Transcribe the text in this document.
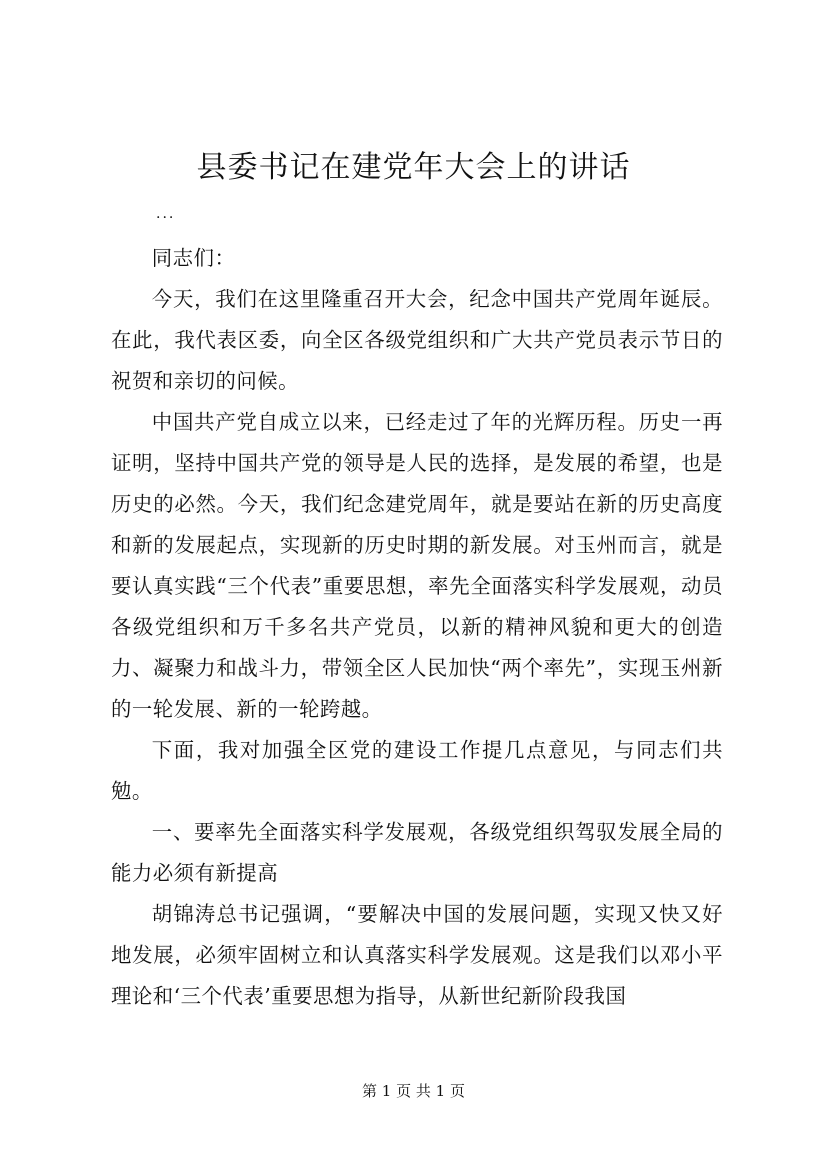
县委书记在建党年大会上的讲话
...

同志们：

今天，我们在这里隆重召开大会，纪念中国共产党周年诞辰。在此，我代表区委，向全区各级党组织和广大共产党员表示节日的祝贺和亲切的问候。

中国共产党自成立以来，已经走过了年的光辉历程。历史一再证明，坚持中国共产党的领导是人民的选择，是发展的希望，也是历史的必然。今天，我们纪念建党周年，就是要站在新的历史高度和新的发展起点，实现新的历史时期的新发展。对玉州而言，就是要认真实践“三个代表”重要思想，率先全面落实科学发展观，动员各级党组织和万千多名共产党员，以新的精神风貌和更大的创造力、凝聚力和战斗力，带领全区人民加快“两个率先”，实现玉州新的一轮发展、新的一轮跨越。

下面，我对加强全区党的建设工作提几点意见，与同志们共勉。

一、要率先全面落实科学发展观，各级党组织驾驭发展全局的能力必须有新提高

胡锦涛总书记强调，“要解决中国的发展问题，实现又快又好地发展，必须牢固树立和认真落实科学发展观。这是我们以邓小平理论和‘三个代表’重要思想为指导，从新世纪新阶段我国

第 1 页 共 1 页
